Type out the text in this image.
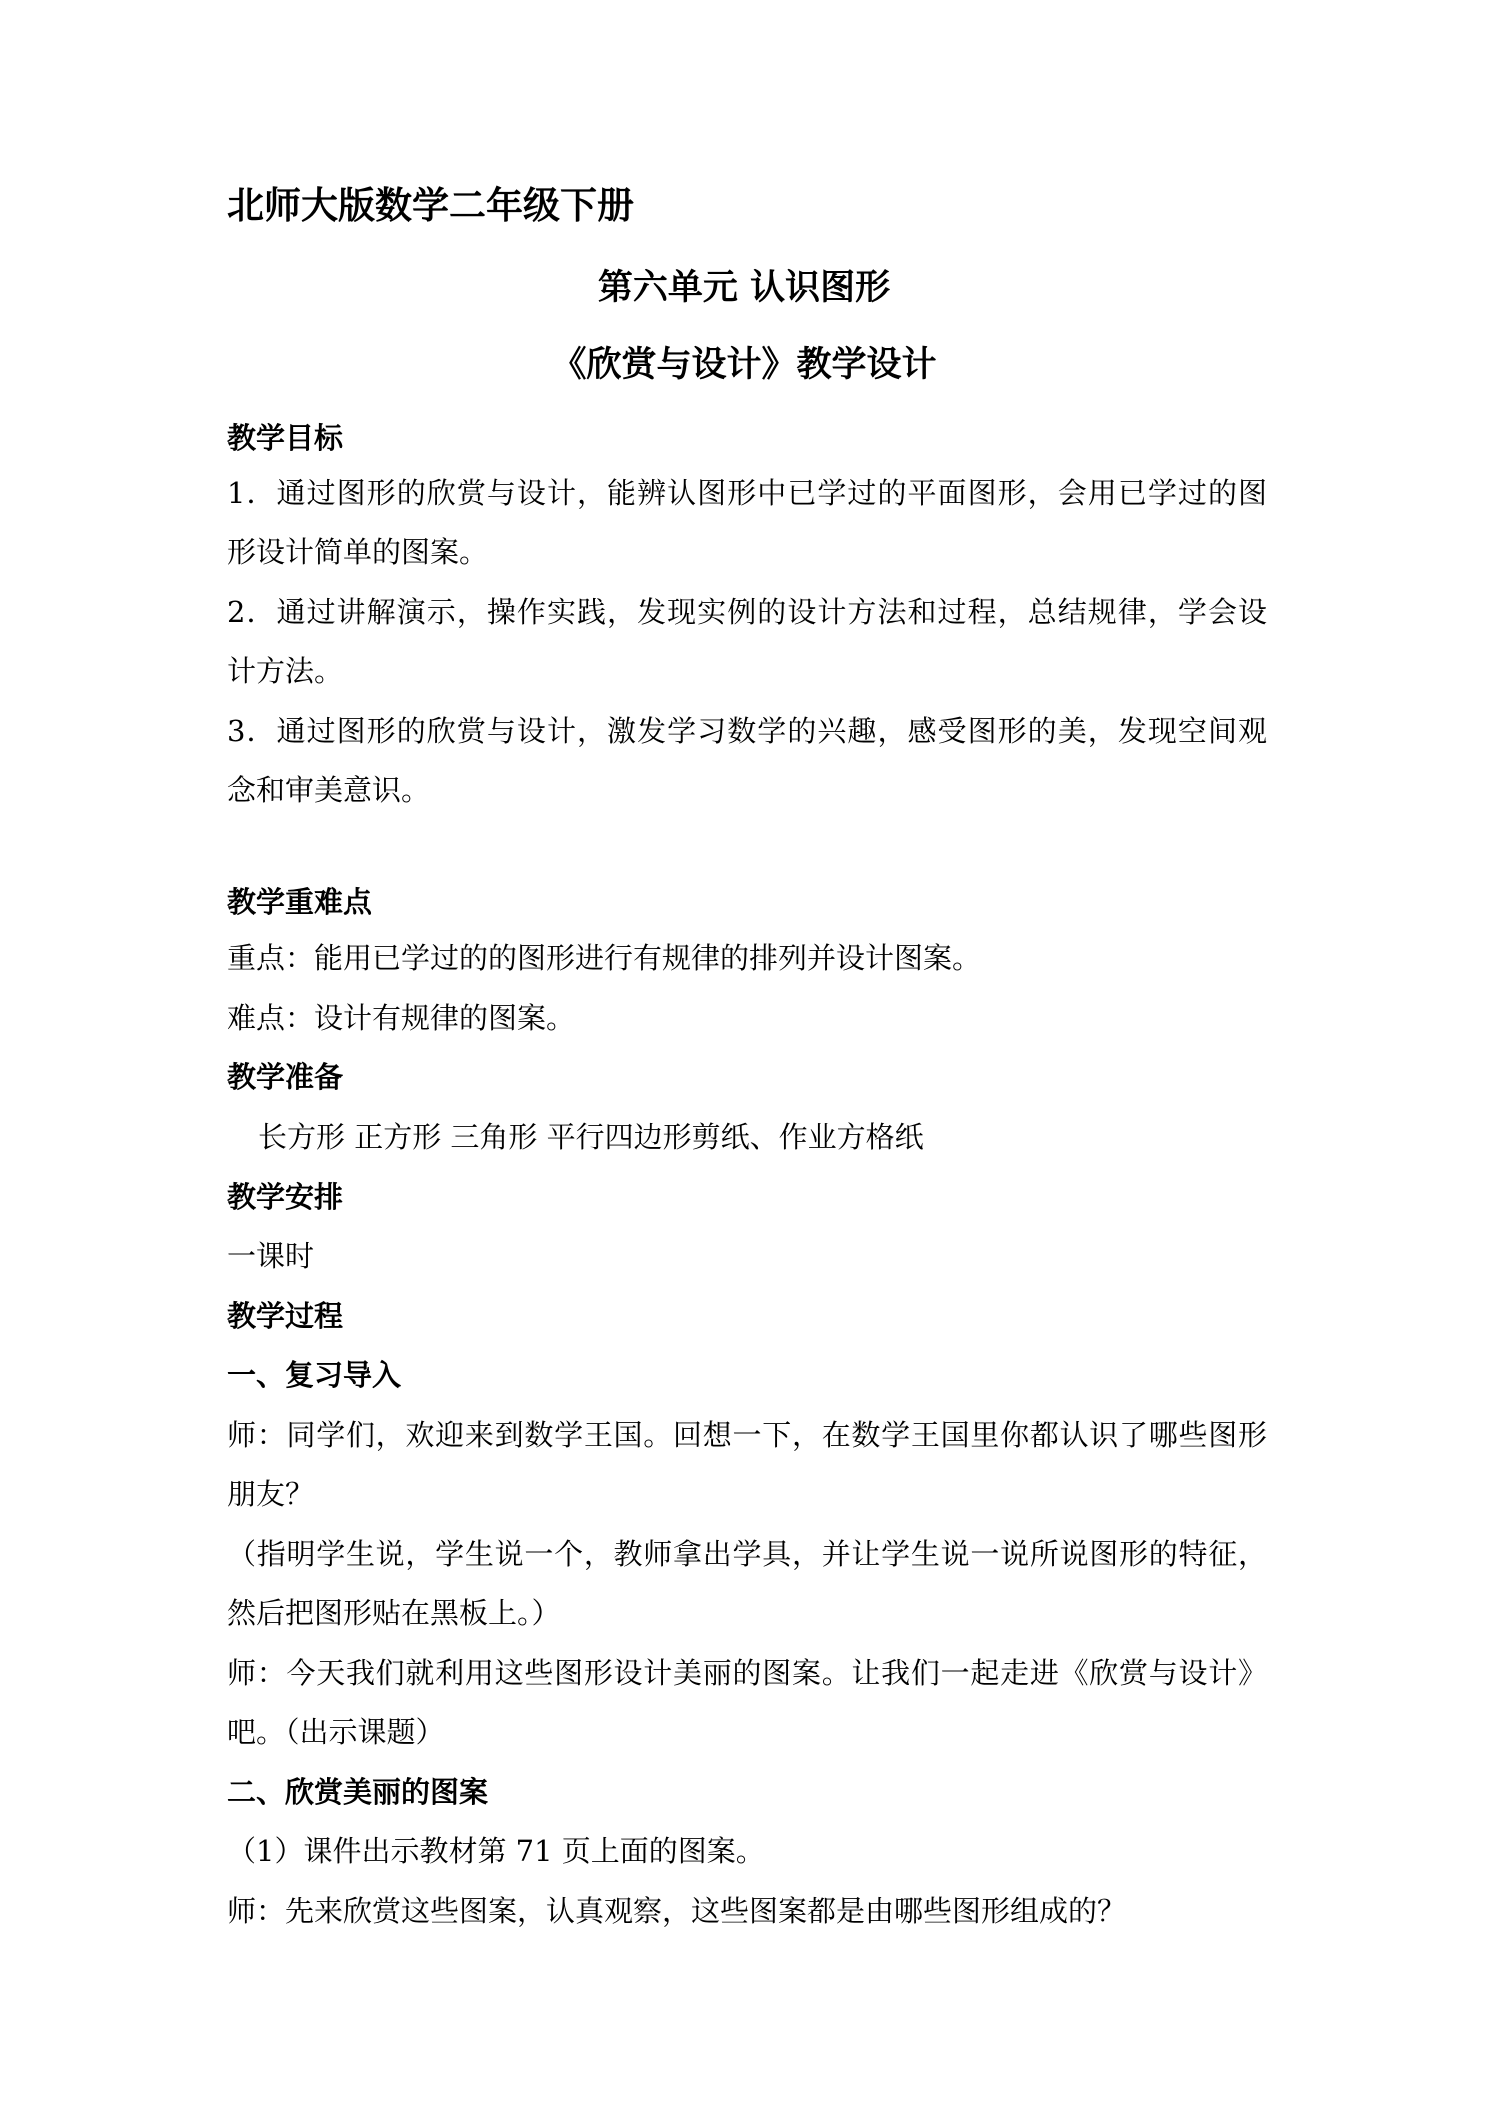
北师大版数学二年级下册

第六单元 认识图形

《欣赏与设计》教学设计

教学目标

1．通过图形的欣赏与设计，能辨认图形中已学过的平面图形，会用已学过的图

形设计简单的图案。

2．通过讲解演示，操作实践，发现实例的设计方法和过程，总结规律，学会设

计方法。

3．通过图形的欣赏与设计，激发学习数学的兴趣，感受图形的美，发现空间观

念和审美意识。

教学重难点

重点：能用已学过的的图形进行有规律的排列并设计图案。

难点：设计有规律的图案。

教学准备

长方形 正方形 三角形 平行四边形剪纸、作业方格纸

教学安排

一课时

教学过程

一、复习导入

师：同学们，欢迎来到数学王国。回想一下，在数学王国里你都认识了哪些图形

朋友？

（指明学生说，学生说一个，教师拿出学具，并让学生说一说所说图形的特征，

然后把图形贴在黑板上。）

师：今天我们就利用这些图形设计美丽的图案。让我们一起走进《欣赏与设计》

吧。（出示课题）

二、欣赏美丽的图案

（1）课件出示教材第 71 页上面的图案。

师：先来欣赏这些图案，认真观察，这些图案都是由哪些图形组成的？
